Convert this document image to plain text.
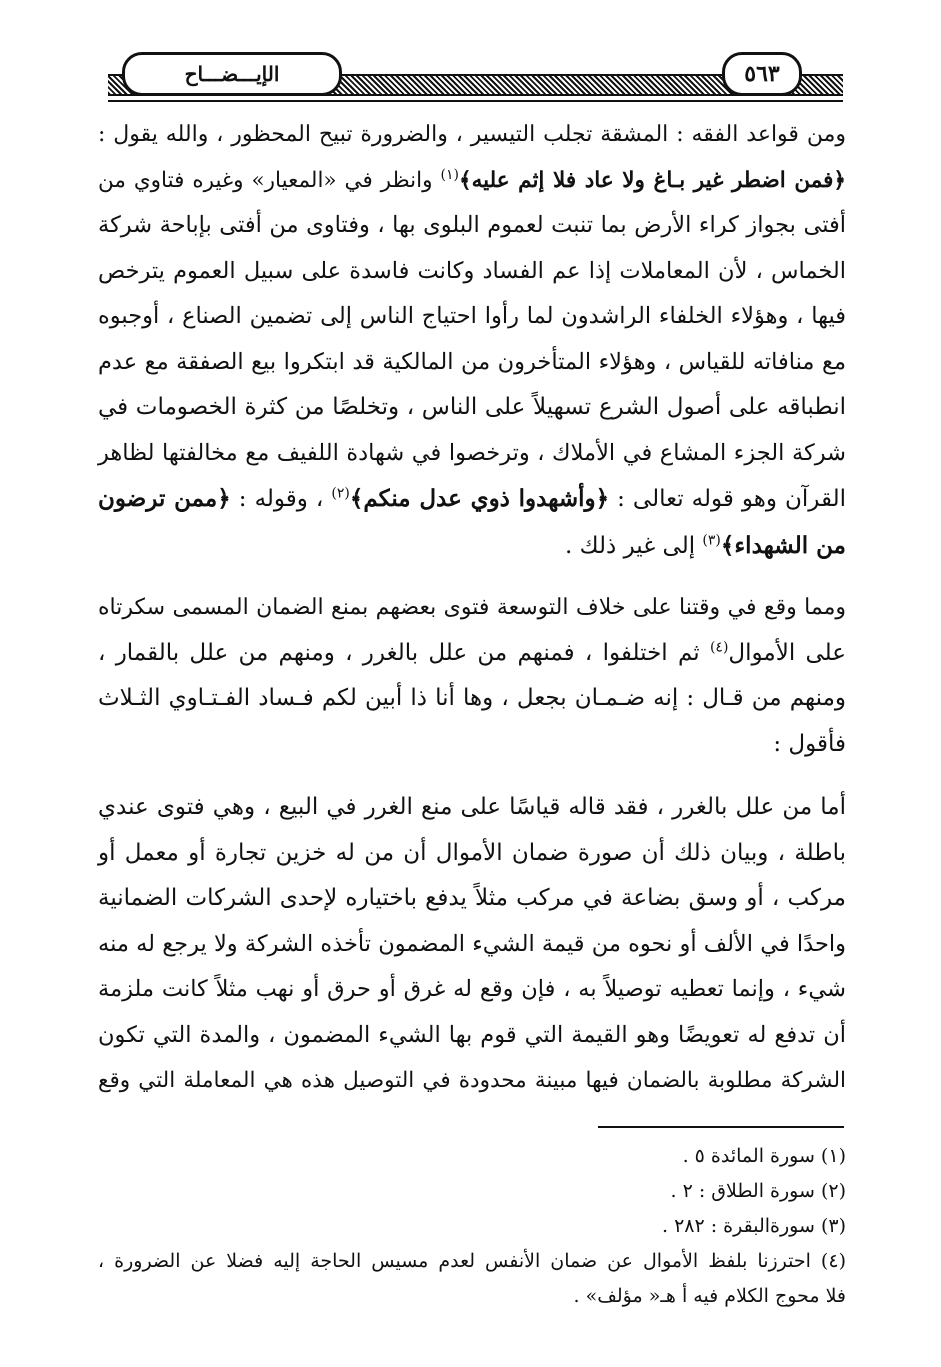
الإيـــضـــاح	٥٦٣

ومن قواعد الفقه : المشقة تجلب التيسير ، والضرورة تبيح المحظور ، والله يقول :

﴿فمن اضطر غير بـاغ ولا عاد فلا إثم عليه﴾$^{(١)}$ وانظر في «المعيار» وغيره فتاوي من

أفتى بجواز كراء الأرض بما تنبت لعموم البلوى بها ، وفتاوى من أفتى بإباحة شركة

الخماس ، لأن المعاملات إذا عم الفساد وكانت فاسدة على سبيل العموم يترخص

فيها ، وهؤلاء الخلفاء الراشدون لما رأوا احتياج الناس إلى تضمين الصناع ، أوجبوه

مع منافاته للقياس ، وهؤلاء المتأخرون من المالكية قد ابتكروا بيع الصفقة مع عدم

انطباقه على أصول الشرع تسهيلاً على الناس ، وتخلصًا من كثرة الخصومات في

شركة الجزء المشاع في الأملاك ، وترخصوا في شهادة اللفيف مع مخالفتها لظاهر

القرآن وهو قوله تعالى : ﴿وأشهدوا ذوي عدل منكم﴾$^{(٢)}$ ، وقوله : ﴿ممن ترضون

من الشهداء﴾$^{(٣)}$ إلى غير ذلك .

ومما وقع في وقتنا على خلاف التوسعة فتوى بعضهم بمنع الضمان المسمى سكرتاه

على الأموال$^{(٤)}$ ثم اختلفوا ، فمنهم من علل بالغرر ، ومنهم من علل بالقمار ،

ومنهم من قـال : إنه ضـمـان بجعل ، وها أنا ذا أبين لكم فـساد الفـتـاوي الثـلاث

فأقول :

أما من علل بالغرر ، فقد قاله قياسًا على منع الغرر في البيع ، وهي فتوى عندي

باطلة ، وبيان ذلك أن صورة ضمان الأموال أن من له خزين تجارة أو معمل أو

مركب ، أو وسق بضاعة في مركب مثلاً يدفع باختياره لإحدى الشركات الضمانية

واحدًا في الألف أو نحوه من قيمة الشيء المضمون تأخذه الشركة ولا يرجع له منه

شيء ، وإنما تعطيه توصيلاً به ، فإن وقع له غرق أو حرق أو نهب مثلاً كانت ملزمة

أن تدفع له تعويضًا وهو القيمة التي قوم بها الشيء المضمون ، والمدة التي تكون

الشركة مطلوبة بالضمان فيها مبينة محدودة في التوصيل هذه هي المعاملة التي وقع

(١) سورة المائدة ٥ .

(٢) سورة الطلاق : ٢ .

(٣) سورةالبقرة : ٢٨٢ .

(٤) احترزنا بلفظ الأموال عن ضمان الأنفس لعدم مسيس الحاجة إليه فضلا عن الضرورة ،

فلا محوج الكلام فيه أ هـ« مؤلف» .
